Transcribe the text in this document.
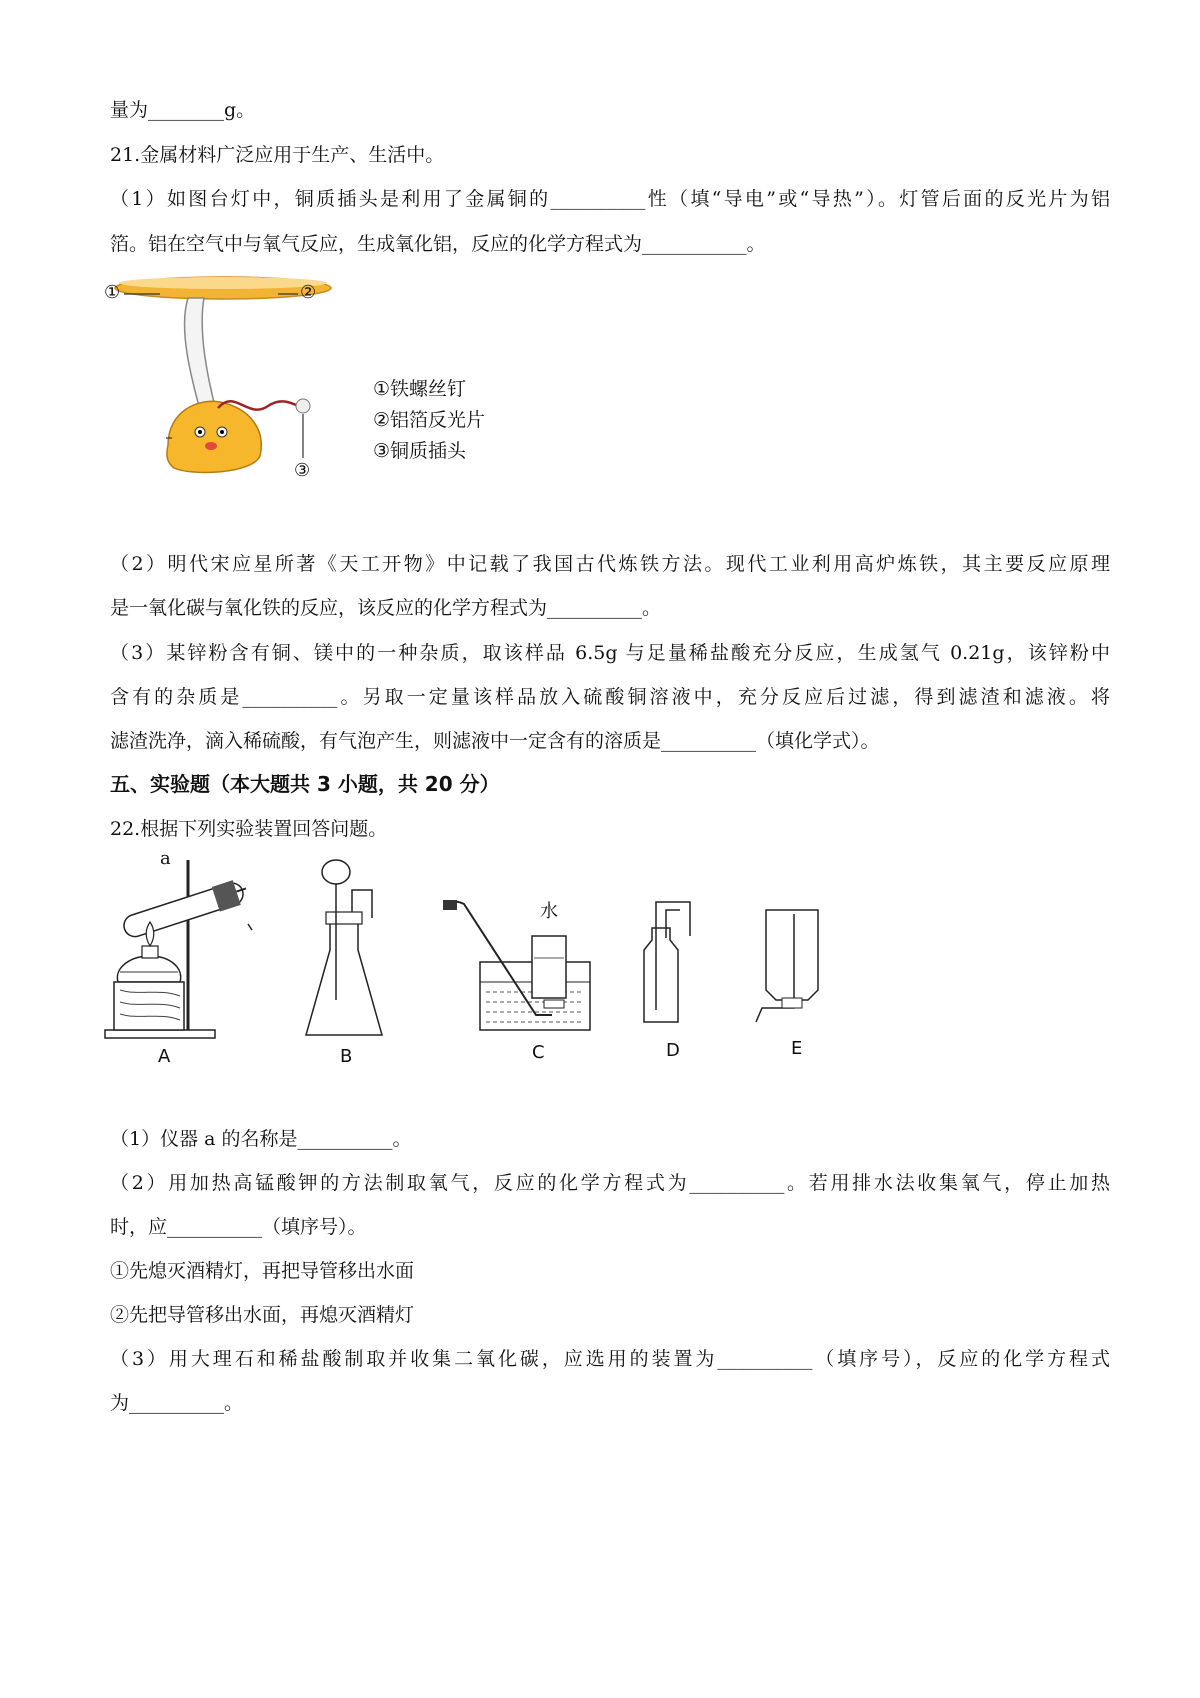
量为________g。
21.金属材料广泛应用于生产、生活中。
（1）如图台灯中，铜质插头是利用了金属铜的__________性（填“导电”或“导热”）。灯管后面的反光片为铝
箔。铝在空气中与氧气反应，生成氧化铝，反应的化学方程式为___________。
①	②
③
①铁螺丝钉
②铝箔反光片
③铜质插头
（2）明代宋应星所著《天工开物》中记载了我国古代炼铁方法。现代工业利用高炉炼铁，其主要反应原理
是一氧化碳与氧化铁的反应，该反应的化学方程式为__________。
（3）某锌粉含有铜、镁中的一种杂质，取该样品 6.5g 与足量稀盐酸充分反应，生成氢气 0.21g，该锌粉中
含有的杂质是__________。另取一定量该样品放入硫酸铜溶液中，充分反应后过滤，得到滤渣和滤液。将
滤渣洗净，滴入稀硫酸，有气泡产生，则滤液中一定含有的溶质是__________（填化学式）。
五、实验题（本大题共 3 小题，共 20 分）
22.根据下列实验装置回答问题。
a
水
A	B	C	D	E
（1）仪器 a 的名称是__________。
（2）用加热高锰酸钾的方法制取氧气，反应的化学方程式为__________。若用排水法收集氧气，停止加热
时，应__________（填序号）。
①先熄灭酒精灯，再把导管移出水面
②先把导管移出水面，再熄灭酒精灯
（3）用大理石和稀盐酸制取并收集二氧化碳，应选用的装置为__________（填序号），反应的化学方程式
为__________。
